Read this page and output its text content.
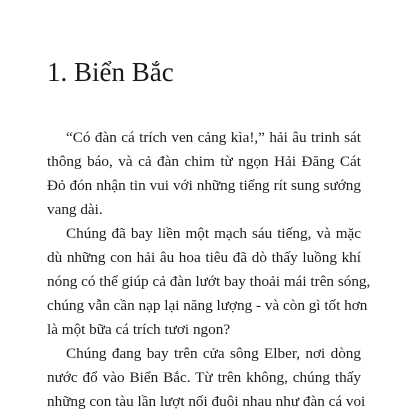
1. Biển Bắc
“Có đàn cá trích ven cảng kìa!,” hải âu trinh sát
thông báo, và cả đàn chim từ ngọn Hải Đăng Cát
Đỏ đón nhận tin vui với những tiếng rít sung sướng
vang dài.
Chúng đã bay liền một mạch sáu tiếng, và mặc
dù những con hải âu hoa tiêu đã dò thấy luồng khí
nóng có thể giúp cả đàn lướt bay thoải mái trên sóng,
chúng vẫn cần nạp lại năng lượng - và còn gì tốt hơn
là một bữa cá trích tươi ngon?
Chúng đang bay trên cửa sông Elber, nơi dòng
nước đổ vào Biển Bắc. Từ trên không, chúng thấy
những con tàu lần lượt nối đuôi nhau như đàn cá voi
